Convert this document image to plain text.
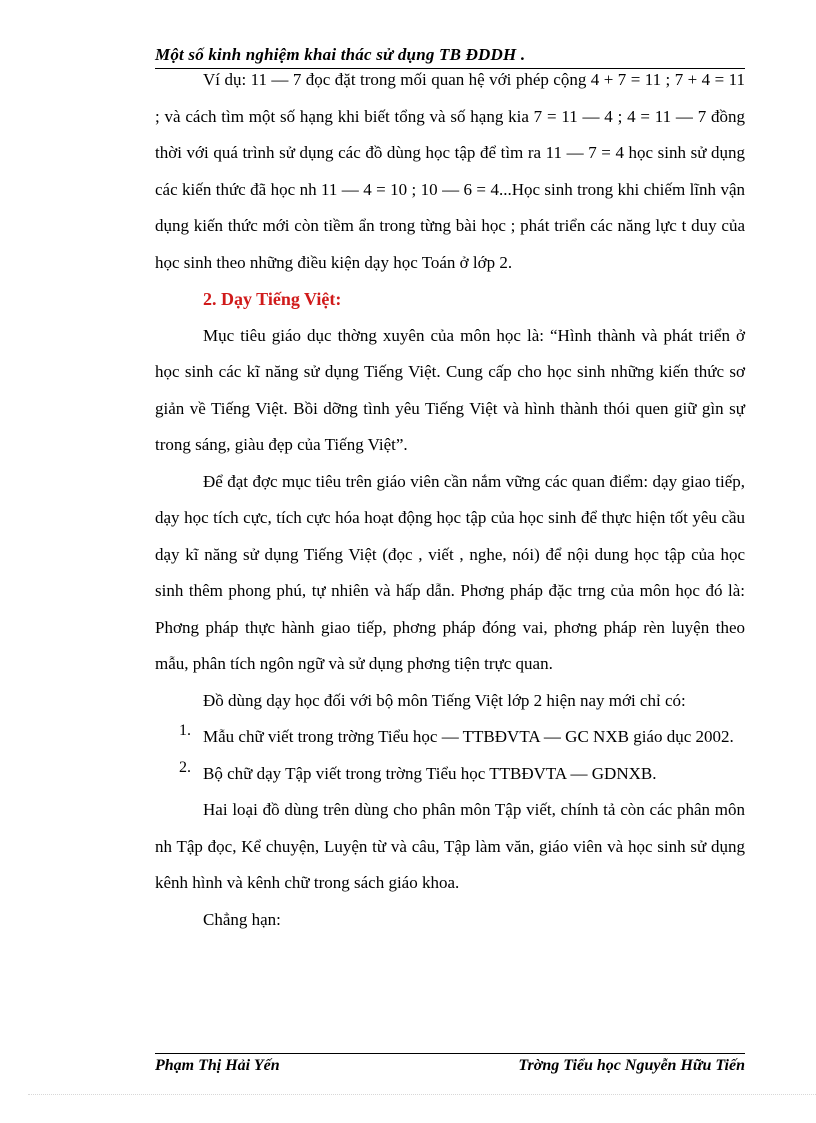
Một số kinh nghiệm khai thác sử dụng TB ĐDDH .

Ví dụ: 11 — 7 đọc đặt trong mối quan hệ với phép cộng 4 + 7 = 11 ; 7 + 4 = 11 ; và cách tìm một số hạng khi biết tổng và số hạng kia 7 = 11 — 4 ; 4 = 11 — 7 đồng thời với quá trình sử dụng các đồ dùng học tập để tìm ra 11 — 7 = 4 học sinh sử dụng các kiến thức đã học nh 11 — 4 = 10 ; 10 — 6 = 4...Học sinh trong khi chiếm lĩnh vận dụng kiến thức mới còn tiềm ẩn trong từng bài học ; phát triển các năng lực t duy của học sinh theo những điều kiện dạy học Toán ở lớp 2.

2. Dạy Tiếng Việt:

Mục tiêu giáo dục thờng xuyên của môn học là: “Hình thành và phát triển ở học sinh các kĩ năng sử dụng Tiếng Việt. Cung cấp cho học sinh những kiến thức sơ giản về Tiếng Việt. Bồi dỡng tình yêu Tiếng Việt và hình thành thói quen giữ gìn sự trong sáng, giàu đẹp của Tiếng Việt”.

Để đạt đợc mục tiêu trên giáo viên cần nắm vững các quan điểm: dạy giao tiếp, dạy học tích cực, tích cực hóa hoạt động học tập của học sinh để thực hiện tốt yêu cầu dạy kĩ năng sử dụng Tiếng Việt (đọc , viết , nghe, nói) để nội dung học tập của học sinh thêm phong phú, tự nhiên và hấp dẫn. Phơng pháp đặc trng của môn học đó là: Phơng pháp thực hành giao tiếp, phơng pháp đóng vai, phơng pháp rèn luyện theo mẫu, phân tích ngôn ngữ và sử dụng phơng tiện trực quan.

Đồ dùng dạy học đối với bộ môn Tiếng Việt lớp 2 hiện nay mới chỉ có:

1. Mẫu chữ viết trong trờng Tiểu học — TTBĐVTA — GC NXB giáo dục 2002.
2. Bộ chữ dạy Tập viết trong trờng Tiểu học TTBĐVTA — GDNXB.

Hai loại đồ dùng trên dùng cho phân môn Tập viết, chính tả còn các phân môn nh Tập đọc, Kể chuyện, Luyện từ và câu, Tập làm văn, giáo viên và học sinh sử dụng kênh hình và kênh chữ trong sách giáo khoa.

Chẳng hạn:

Phạm Thị Hải Yến	Trờng Tiểu học Nguyễn Hữu Tiến
